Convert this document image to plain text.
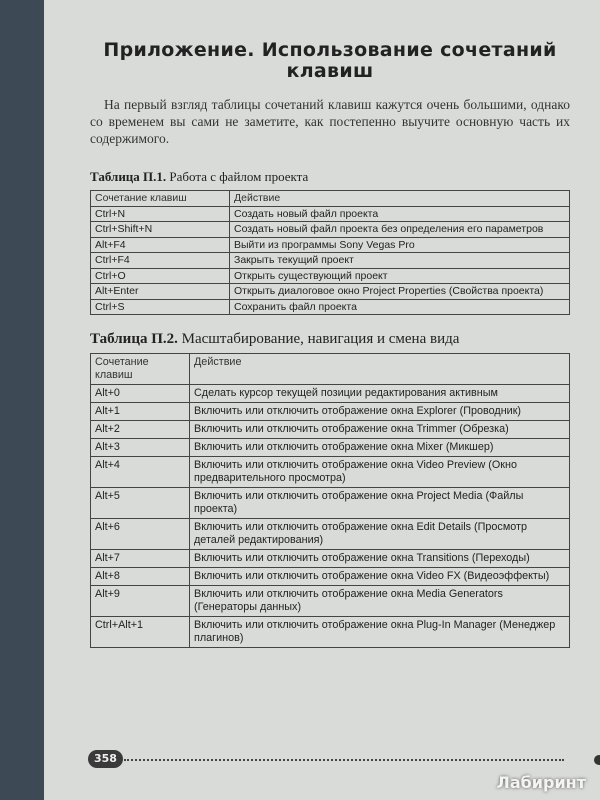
Приложение. Использование сочетаний
клавиш

На первый взгляд таблицы сочетаний клавиш кажутся очень большими, однако со временем вы сами не заметите, как постепенно выучите основную часть их содержимого.

Таблица П.1. Работа с файлом проекта
Сочетание клавиш	Действие
Ctrl+N	Создать новый файл проекта
Ctrl+Shift+N	Создать новый файл проекта без определения его параметров
Alt+F4	Выйти из программы Sony Vegas Pro
Ctrl+F4	Закрыть текущий проект
Ctrl+O	Открыть существующий проект
Alt+Enter	Открыть диалоговое окно Project Properties (Свойства проекта)
Ctrl+S	Сохранить файл проекта
Таблица П.2. Масштабирование, навигация и смена вида
Сочетание клавиш	Действие
Alt+0	Сделать курсор текущей позиции редактирования активным
Alt+1	Включить или отключить отображение окна Explorer (Проводник)
Alt+2	Включить или отключить отображение окна Trimmer (Обрезка)
Alt+3	Включить или отключить отображение окна Mixer (Микшер)
Alt+4	Включить или отключить отображение окна Video Preview (Окно предварительного просмотра)
Alt+5	Включить или отключить отображение окна Project Media (Файлы проекта)
Alt+6	Включить или отключить отображение окна Edit Details (Просмотр деталей редактирования)
Alt+7	Включить или отключить отображение окна Transitions (Переходы)
Alt+8	Включить или отключить отображение окна Video FX (Видеоэффекты)
Alt+9	Включить или отключить отображение окна Media Generators (Генераторы данных)
Ctrl+Alt+1	Включить или отключить отображение окна Plug-In Manager (Менеджер плагинов)
358
Лабиринт
